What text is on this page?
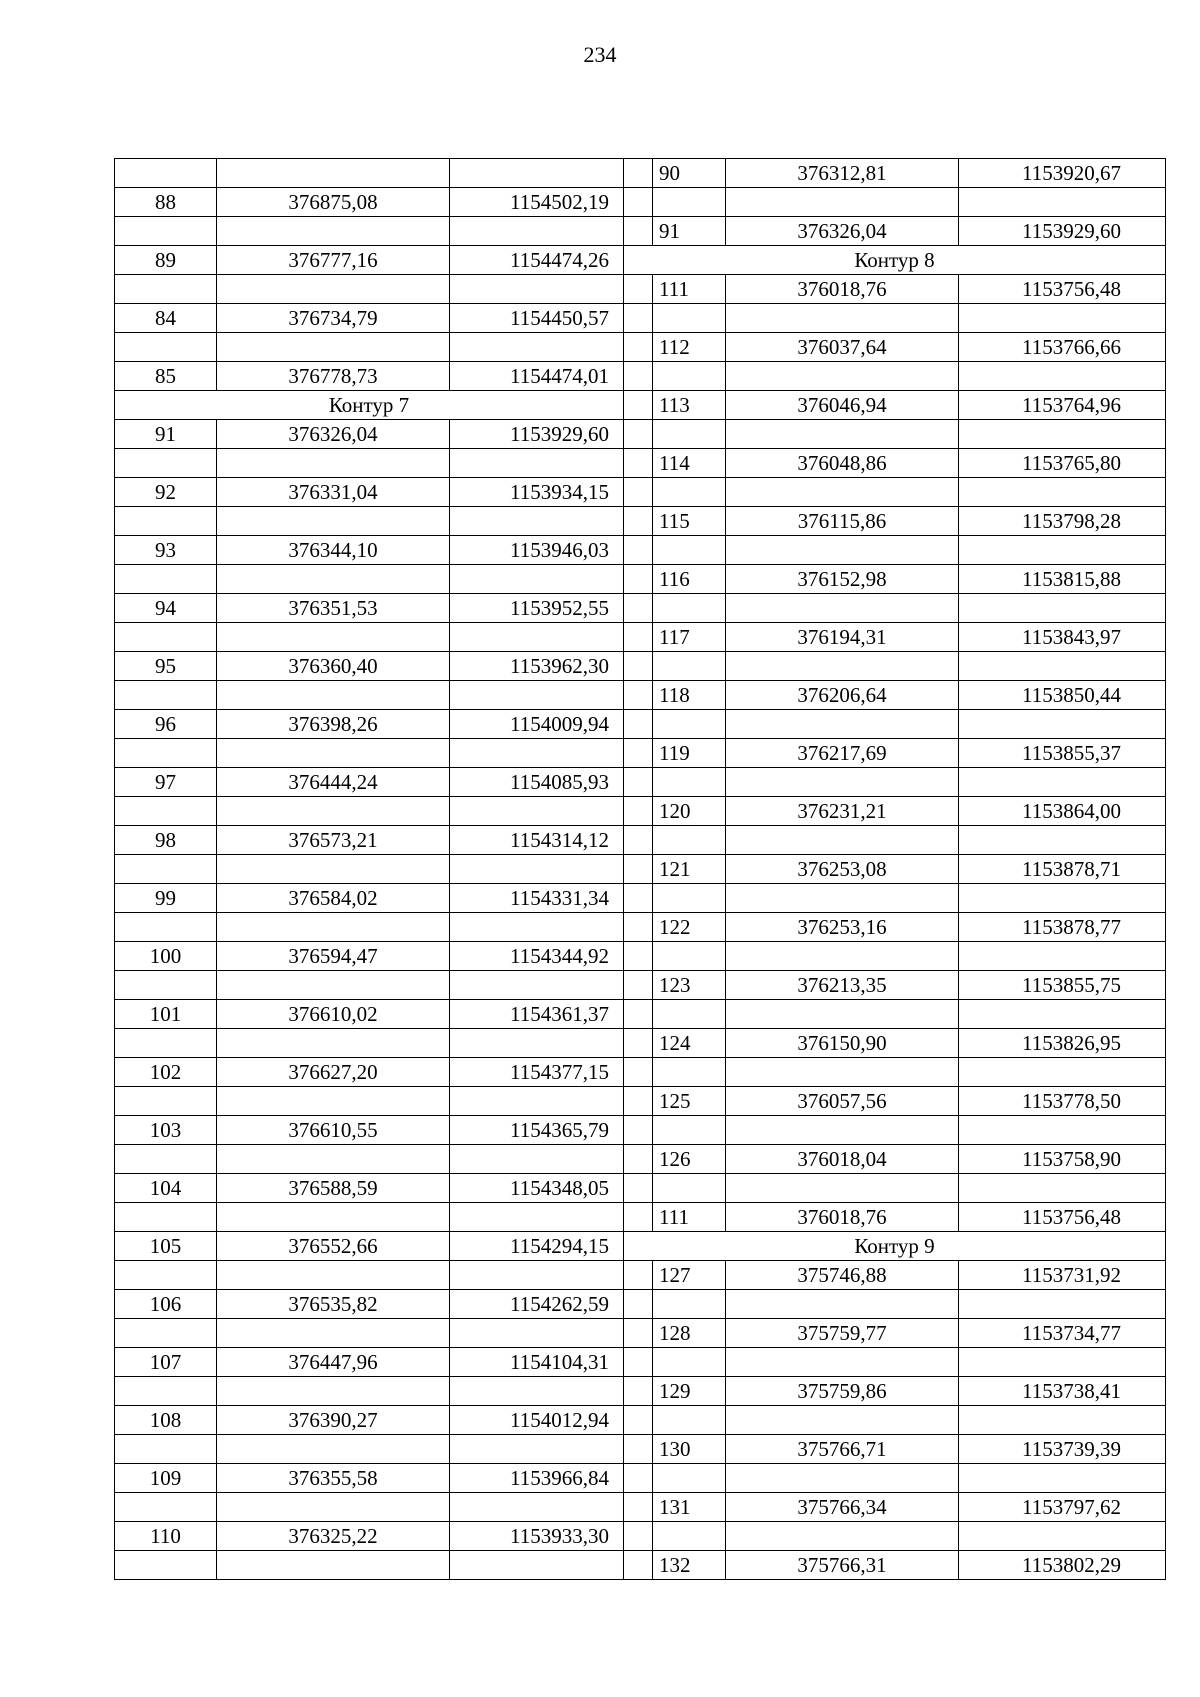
234
				90	376312,81	1153920,67
88	376875,08	1154502,19				
				91	376326,04	1153929,60
89	376777,16	1154474,26	Контур 8			
				111	376018,76	1153756,48
84	376734,79	1154450,57				
				112	376037,64	1153766,66
85	376778,73	1154474,01				
Контур 7				113	376046,94	1153764,96
91	376326,04	1153929,60				
				114	376048,86	1153765,80
92	376331,04	1153934,15				
				115	376115,86	1153798,28
93	376344,10	1153946,03				
				116	376152,98	1153815,88
94	376351,53	1153952,55				
				117	376194,31	1153843,97
95	376360,40	1153962,30				
				118	376206,64	1153850,44
96	376398,26	1154009,94				
				119	376217,69	1153855,37
97	376444,24	1154085,93				
				120	376231,21	1153864,00
98	376573,21	1154314,12				
				121	376253,08	1153878,71
99	376584,02	1154331,34				
				122	376253,16	1153878,77
100	376594,47	1154344,92				
				123	376213,35	1153855,75
101	376610,02	1154361,37				
				124	376150,90	1153826,95
102	376627,20	1154377,15				
				125	376057,56	1153778,50
103	376610,55	1154365,79				
				126	376018,04	1153758,90
104	376588,59	1154348,05				
				111	376018,76	1153756,48
105	376552,66	1154294,15	Контур 9			
				127	375746,88	1153731,92
106	376535,82	1154262,59				
				128	375759,77	1153734,77
107	376447,96	1154104,31				
				129	375759,86	1153738,41
108	376390,27	1154012,94				
				130	375766,71	1153739,39
109	376355,58	1153966,84				
				131	375766,34	1153797,62
110	376325,22	1153933,30				
				132	375766,31	1153802,29
